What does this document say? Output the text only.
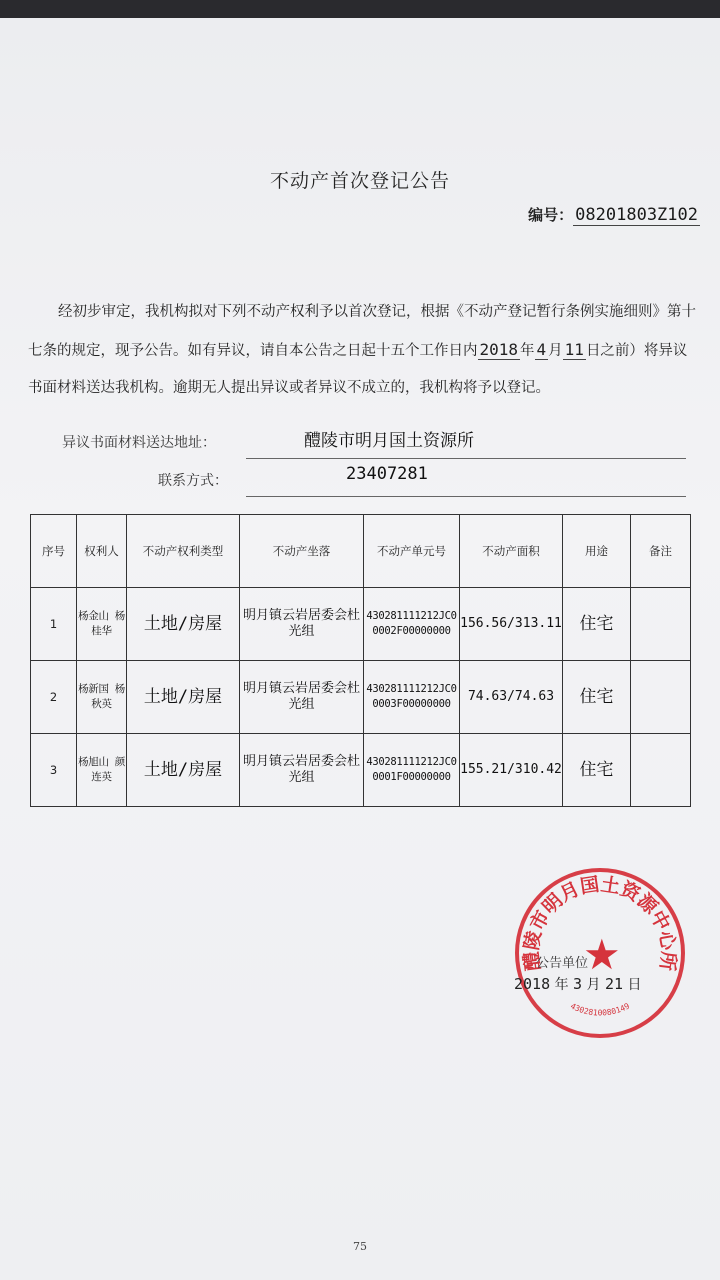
不动产首次登记公告
编号： 08201803Z102
经初步审定，我机构拟对下列不动产权利予以首次登记，根据《不动产登记暂行条例实施细则》第十七条的规定，现予公告。如有异议，请自本公告之日起十五个工作日内 2018 年 4 月 11 日之前）将异议书面材料送达我机构。逾期无人提出异议或者异议不成立的，我机构将予以登记。
异议书面材料送达地址：	醴陵市明月国土资源所
联系方式：	23407281
序号	权利人	不动产权利类型	不动产坐落	不动产单元号	不动产面积	用途	备注
1	杨金山 杨桂华	土地/房屋	明月镇云岩居委会杜光组	430281111212JC00002F00000000	156.56/313.11	住宅	
2	杨新国 杨秋英	土地/房屋	明月镇云岩居委会杜光组	430281111212JC00003F00000000	74.63/74.63	住宅	
3	杨旭山 颜连英	土地/房屋	明月镇云岩居委会杜光组	430281111212JC00001F00000000	155.21/310.42	住宅	
醴陵市明月国土资源中心所
4302810080149
★
公告单位
2018 年 3 月 21 日
75
